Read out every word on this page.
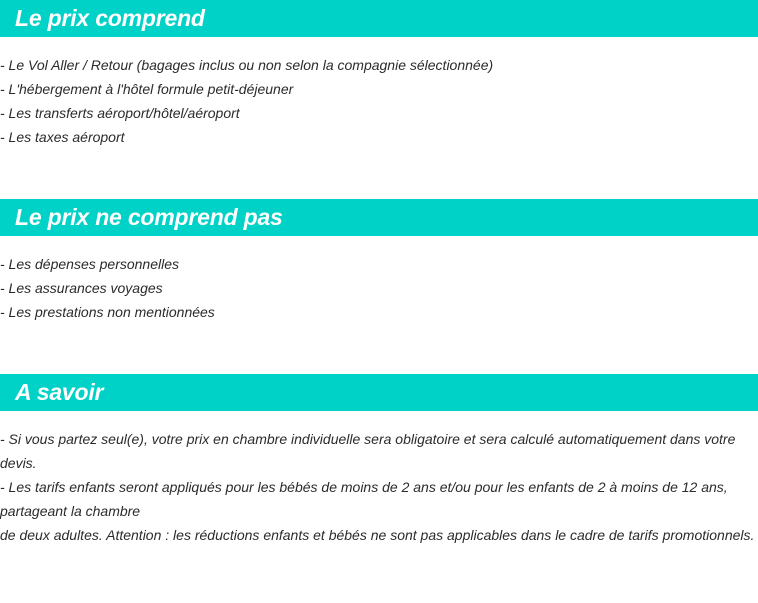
Le prix comprend
- Le Vol Aller / Retour (bagages inclus ou non selon la compagnie sélectionnée)
- L'hébergement à l'hôtel formule petit-déjeuner
- Les transferts aéroport/hôtel/aéroport
- Les taxes aéroport
Le prix ne comprend pas
- Les dépenses personnelles
- Les assurances voyages
- Les prestations non mentionnées
A savoir
- Si vous partez seul(e), votre prix en chambre individuelle sera obligatoire et sera calculé automatiquement dans votre devis.
- Les tarifs enfants seront appliqués pour les bébés de moins de 2 ans et/ou pour les enfants de 2 à moins de 12 ans, partageant la chambre
de deux adultes. Attention : les réductions enfants et bébés ne sont pas applicables dans le cadre de tarifs promotionnels.
